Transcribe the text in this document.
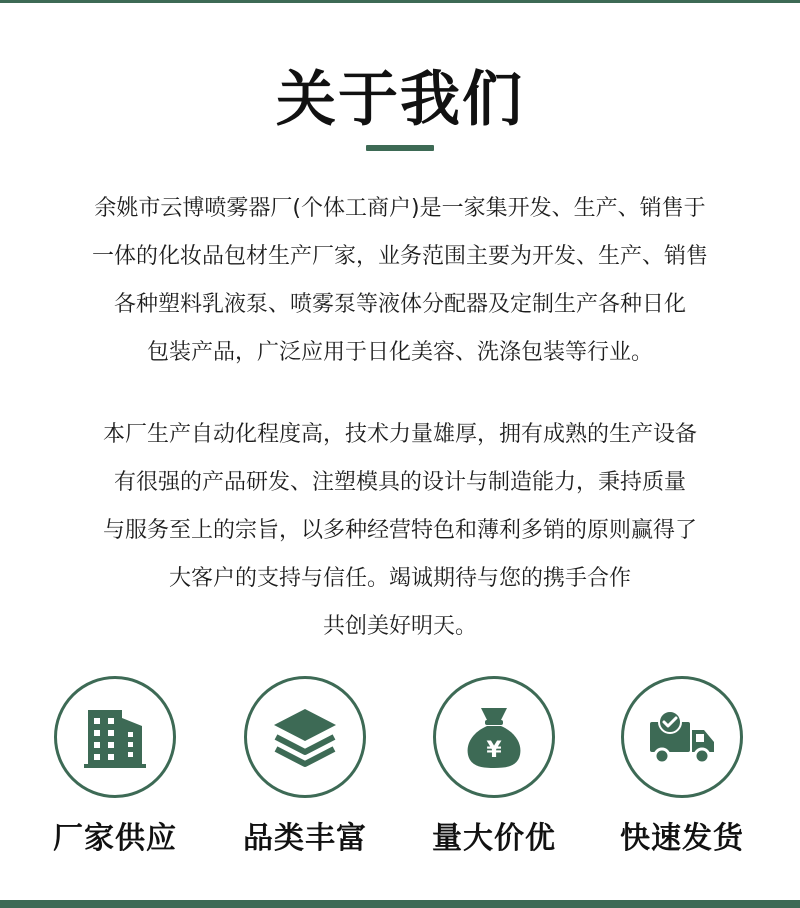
关于我们
余姚市云博喷雾器厂(个体工商户)是一家集开发、生产、销售于
一体的化妆品包材生产厂家，业务范围主要为开发、生产、销售
各种塑料乳液泵、喷雾泵等液体分配器及定制生产各种日化
包装产品，广泛应用于日化美容、洗涤包装等行业。
本厂生产自动化程度高，技术力量雄厚，拥有成熟的生产设备
有很强的产品研发、注塑模具的设计与制造能力，秉持质量
与服务至上的宗旨，以多种经营特色和薄利多销的原则赢得了
大客户的支持与信任。竭诚期待与您的携手合作
共创美好明天。
厂家供应	品类丰富
¥
量大价优	快速发货
